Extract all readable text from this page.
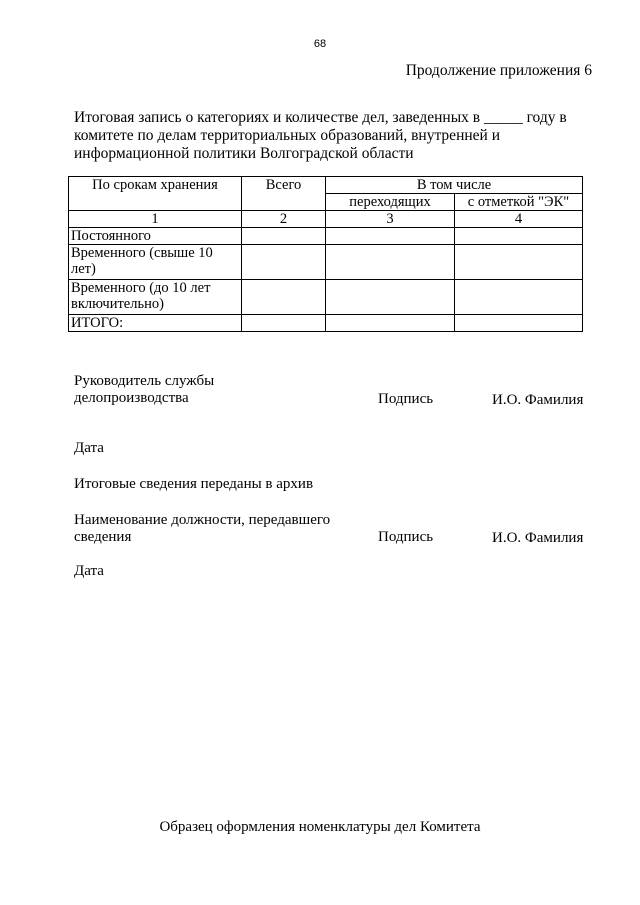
68
Продолжение приложения 6
Итоговая запись о категориях и количестве дел, заведенных в _____ году в комитете по делам территориальных образований, внутренней и информационной политики Волгоградской области
По срокам хранения	Всего	В том числе	
		переходящих	с отметкой "ЭК"
1	2	3	4
Постоянного			
Временного (свыше 10 лет)			
Временного (до 10 лет включительно)			
ИТОГО:			
Руководитель службы делопроизводства	Подпись	И.О. Фамилия
Дата
Итоговые сведения переданы в архив
Наименование должности, передавшего сведения	Подпись	И.О. Фамилия
Дата
Образец оформления номенклатуры дел Комитета
